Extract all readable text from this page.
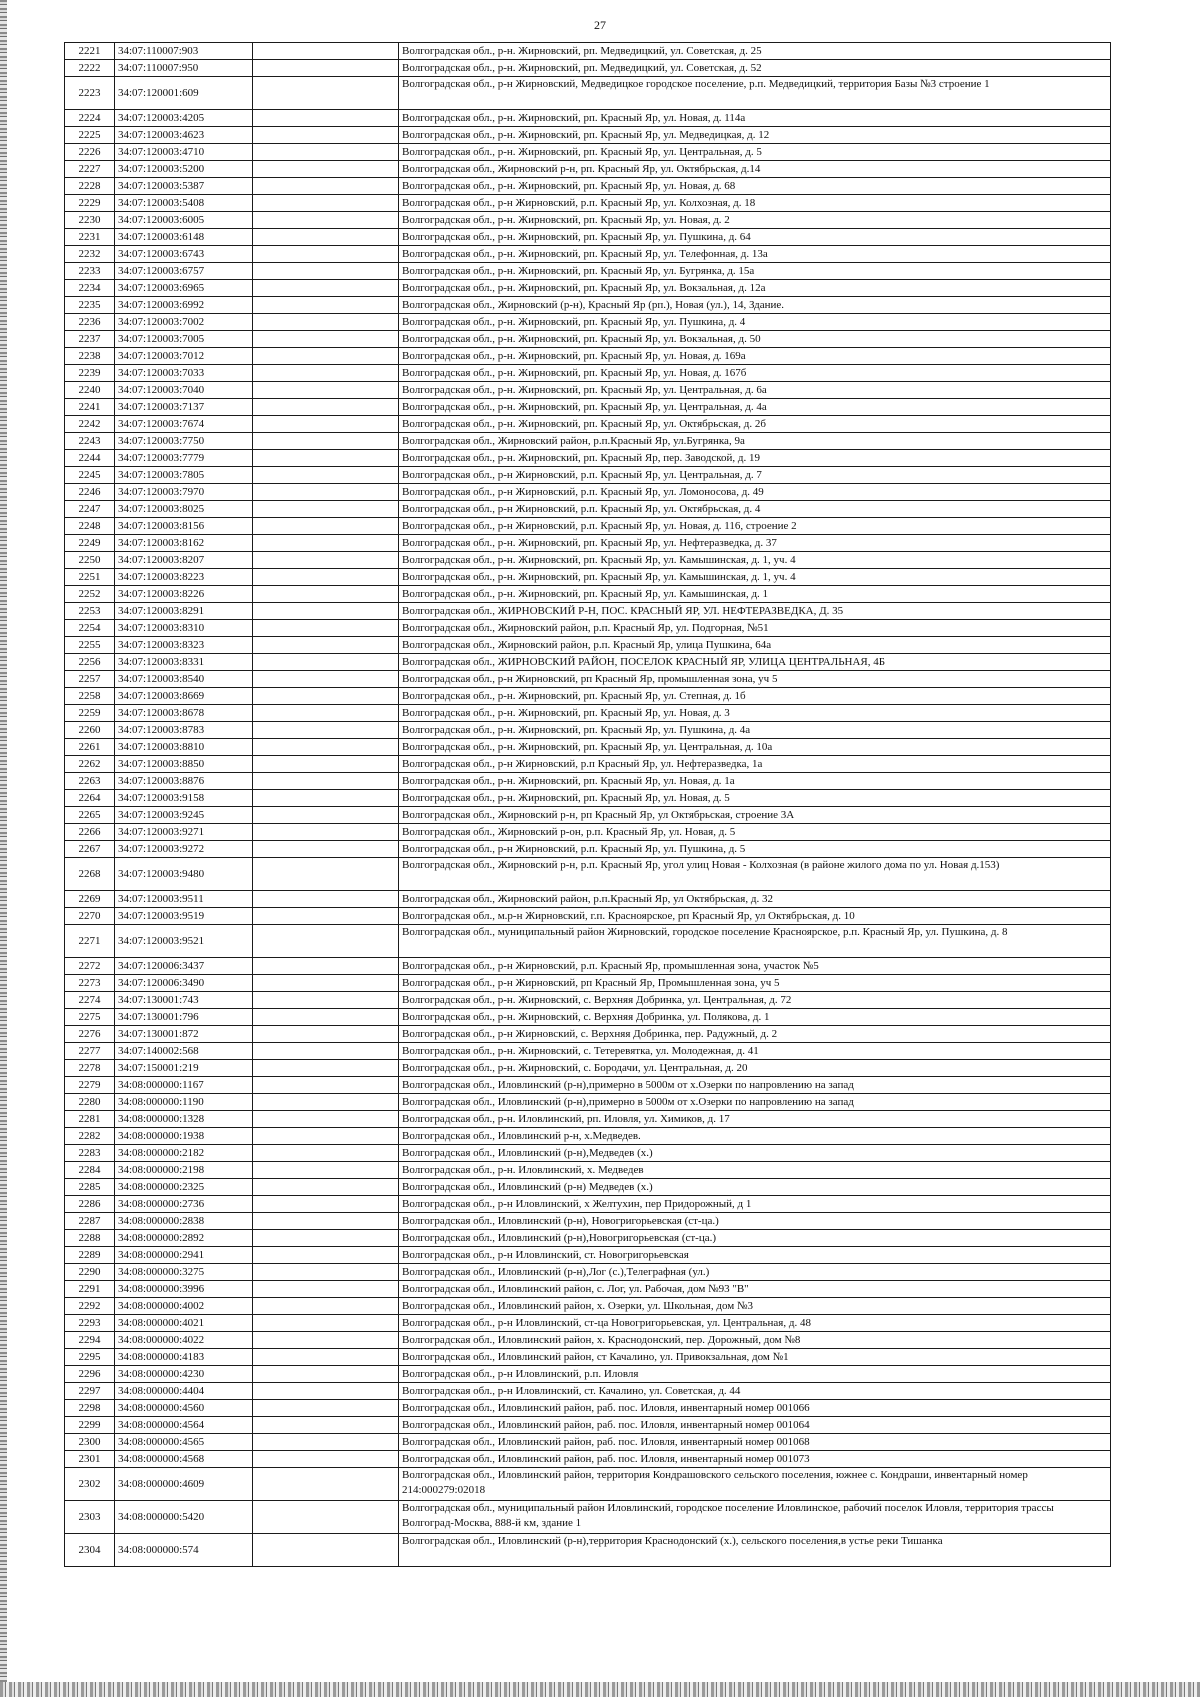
27
2221	34:07:110007:903		Волгоградская обл., р-н. Жирновский, рп. Медведицкий, ул. Советская, д. 25
2222	34:07:110007:950		Волгоградская обл., р-н. Жирновский, рп. Медведицкий, ул. Советская, д. 52
2223	34:07:120001:609		Волгоградская обл., р-н Жирновский, Медведицкое городское поселение, р.п. Медведицкий, территория Базы №3 строение 1
2224	34:07:120003:4205		Волгоградская обл., р-н. Жирновский, рп. Красный Яр, ул. Новая, д. 114а
2225	34:07:120003:4623		Волгоградская обл., р-н. Жирновский, рп. Красный Яр, ул. Медведицкая, д. 12
2226	34:07:120003:4710		Волгоградская обл., р-н. Жирновский, рп. Красный Яр, ул. Центральная, д. 5
2227	34:07:120003:5200		Волгоградская обл., Жирновский р-н, рп. Красный Яр, ул. Октябрьская, д.14
2228	34:07:120003:5387		Волгоградская обл., р-н. Жирновский, рп. Красный Яр, ул. Новая, д. 68
2229	34:07:120003:5408		Волгоградская обл., р-н Жирновский, р.п. Красный Яр, ул. Колхозная, д. 18
2230	34:07:120003:6005		Волгоградская обл., р-н. Жирновский, рп. Красный Яр, ул. Новая, д. 2
2231	34:07:120003:6148		Волгоградская обл., р-н. Жирновский, рп. Красный Яр, ул. Пушкина, д. 64
2232	34:07:120003:6743		Волгоградская обл., р-н. Жирновский, рп. Красный Яр, ул. Телефонная, д. 13а
2233	34:07:120003:6757		Волгоградская обл., р-н. Жирновский, рп. Красный Яр, ул. Бугрянка, д. 15а
2234	34:07:120003:6965		Волгоградская обл., р-н. Жирновский, рп. Красный Яр, ул. Вокзальная, д. 12а
2235	34:07:120003:6992		Волгоградская обл., Жирновский (р-н), Красный Яр (рп.), Новая (ул.), 14, Здание.
2236	34:07:120003:7002		Волгоградская обл., р-н. Жирновский, рп. Красный Яр, ул. Пушкина, д. 4
2237	34:07:120003:7005		Волгоградская обл., р-н. Жирновский, рп. Красный Яр, ул. Вокзальная, д. 50
2238	34:07:120003:7012		Волгоградская обл., р-н. Жирновский, рп. Красный Яр, ул. Новая, д. 169а
2239	34:07:120003:7033		Волгоградская обл., р-н. Жирновский, рп. Красный Яр, ул. Новая, д. 167б
2240	34:07:120003:7040		Волгоградская обл., р-н. Жирновский, рп. Красный Яр, ул. Центральная, д. 6а
2241	34:07:120003:7137		Волгоградская обл., р-н. Жирновский, рп. Красный Яр, ул. Центральная, д. 4а
2242	34:07:120003:7674		Волгоградская обл., р-н. Жирновский, рп. Красный Яр, ул. Октябрьская, д. 2б
2243	34:07:120003:7750		Волгоградская обл., Жирновский район, р.п.Красный Яр, ул.Бугрянка, 9а
2244	34:07:120003:7779		Волгоградская обл., р-н. Жирновский, рп. Красный Яр, пер. Заводской, д. 19
2245	34:07:120003:7805		Волгоградская обл., р-н Жирновский, р.п. Красный Яр, ул. Центральная, д. 7
2246	34:07:120003:7970		Волгоградская обл., р-н Жирновский, р.п. Красный Яр, ул. Ломоносова, д. 49
2247	34:07:120003:8025		Волгоградская обл., р-н Жирновский, р.п. Красный Яр, ул. Октябрьская, д. 4
2248	34:07:120003:8156		Волгоградская обл., р-н Жирновский, р.п. Красный Яр, ул. Новая, д. 116, строение 2
2249	34:07:120003:8162		Волгоградская обл., р-н. Жирновский, рп. Красный Яр, ул. Нефтеразведка, д. 37
2250	34:07:120003:8207		Волгоградская обл., р-н. Жирновский, рп. Красный Яр, ул. Камышинская, д. 1, уч. 4
2251	34:07:120003:8223		Волгоградская обл., р-н. Жирновский, рп. Красный Яр, ул. Камышинская, д. 1, уч. 4
2252	34:07:120003:8226		Волгоградская обл., р-н. Жирновский, рп. Красный Яр, ул. Камышинская, д. 1
2253	34:07:120003:8291		Волгоградская обл., ЖИРНОВСКИЙ Р-Н, ПОС. КРАСНЫЙ ЯР, УЛ. НЕФТЕРАЗВЕДКА, Д. 35
2254	34:07:120003:8310		Волгоградская обл., Жирновский район, р.п. Красный Яр, ул. Подгорная, №51
2255	34:07:120003:8323		Волгоградская обл., Жирновский район, р.п. Красный Яр, улица Пушкина, 64а
2256	34:07:120003:8331		Волгоградская обл., ЖИРНОВСКИЙ РАЙОН, ПОСЕЛОК КРАСНЫЙ ЯР, УЛИЦА ЦЕНТРАЛЬНАЯ, 4Б
2257	34:07:120003:8540		Волгоградская обл., р-н Жирновский, рп Красный Яр, промышленная зона, уч 5
2258	34:07:120003:8669		Волгоградская обл., р-н. Жирновский, рп. Красный Яр, ул. Степная, д. 1б
2259	34:07:120003:8678		Волгоградская обл., р-н. Жирновский, рп. Красный Яр, ул. Новая, д. 3
2260	34:07:120003:8783		Волгоградская обл., р-н. Жирновский, рп. Красный Яр, ул. Пушкина, д. 4а
2261	34:07:120003:8810		Волгоградская обл., р-н. Жирновский, рп. Красный Яр, ул. Центральная, д. 10а
2262	34:07:120003:8850		Волгоградская обл., р-н Жирновский, р.п Красный Яр, ул. Нефтеразведка, 1а
2263	34:07:120003:8876		Волгоградская обл., р-н. Жирновский, рп. Красный Яр, ул. Новая, д. 1а
2264	34:07:120003:9158		Волгоградская обл., р-н. Жирновский, рп. Красный Яр, ул. Новая, д. 5
2265	34:07:120003:9245		Волгоградская обл., Жирновский р-н, рп Красный Яр, ул Октябрьская, строение 3А
2266	34:07:120003:9271		Волгоградская обл., Жирновский р-он, р.п. Красный Яр, ул. Новая, д. 5
2267	34:07:120003:9272		Волгоградская обл., р-н Жирновский, р.п. Красный Яр, ул. Пушкина, д. 5
2268	34:07:120003:9480		Волгоградская обл., Жирновский р-н, р.п. Красный Яр, угол улиц Новая - Колхозная (в районе жилого дома по ул. Новая д.153)
2269	34:07:120003:9511		Волгоградская обл., Жирновский район, р.п.Красный Яр, ул Октябрьская, д. 32
2270	34:07:120003:9519		Волгоградская обл., м.р-н Жирновский, г.п. Красноярское, рп Красный Яр, ул Октябрьская, д. 10
2271	34:07:120003:9521		Волгоградская обл., муниципальный район Жирновский, городское поселение Красноярское, р.п. Красный Яр, ул. Пушкина, д. 8
2272	34:07:120006:3437		Волгоградская обл., р-н Жирновский, р.п. Красный Яр, промышленная зона, участок №5
2273	34:07:120006:3490		Волгоградская обл., р-н Жирновский, рп Красный Яр, Промышленная зона, уч 5
2274	34:07:130001:743		Волгоградская обл., р-н. Жирновский, с. Верхняя Добринка, ул. Центральная, д. 72
2275	34:07:130001:796		Волгоградская обл., р-н. Жирновский, с. Верхняя Добринка, ул. Полякова, д. 1
2276	34:07:130001:872		Волгоградская обл., р-н Жирновский, с. Верхняя Добринка, пер. Радужный, д. 2
2277	34:07:140002:568		Волгоградская обл., р-н. Жирновский, с. Тетеревятка, ул. Молодежная, д. 41
2278	34:07:150001:219		Волгоградская обл., р-н. Жирновский, с. Бородачи, ул. Центральная, д. 20
2279	34:08:000000:1167		Волгоградская обл., Иловлинский (р-н),примерно в 5000м от х.Озерки по напровлению на запад
2280	34:08:000000:1190		Волгоградская обл., Иловлинский (р-н),примерно в 5000м от х.Озерки по напровлению на запад
2281	34:08:000000:1328		Волгоградская обл., р-н. Иловлинский, рп. Иловля, ул. Химиков, д. 17
2282	34:08:000000:1938		Волгоградская обл., Иловлинский р-н, х.Медведев.
2283	34:08:000000:2182		Волгоградская обл., Иловлинский (р-н),Медведев (х.)
2284	34:08:000000:2198		Волгоградская обл., р-н. Иловлинский, х. Медведев
2285	34:08:000000:2325		Волгоградская обл., Иловлинский (р-н) Медведев (х.)
2286	34:08:000000:2736		Волгоградская обл., р-н Иловлинский, х Желтухин, пер Придорожный, д 1
2287	34:08:000000:2838		Волгоградская обл., Иловлинский (р-н), Новогригорьевская (ст-ца.)
2288	34:08:000000:2892		Волгоградская обл., Иловлинский (р-н),Новогригорьевская (ст-ца.)
2289	34:08:000000:2941		Волгоградская обл., р-н Иловлинский, ст. Новогригорьевская
2290	34:08:000000:3275		Волгоградская обл., Иловлинский (р-н),Лог (с.),Телеграфная (ул.)
2291	34:08:000000:3996		Волгоградская обл., Иловлинский район, с. Лог, ул. Рабочая, дом №93 "В"
2292	34:08:000000:4002		Волгоградская обл., Иловлинский район, х. Озерки, ул. Школьная, дом №3
2293	34:08:000000:4021		Волгоградская обл., р-н Иловлинский, ст-ца Новогригорьевская, ул. Центральная, д. 48
2294	34:08:000000:4022		Волгоградская обл., Иловлинский район, х. Краснодонский, пер. Дорожный, дом №8
2295	34:08:000000:4183		Волгоградская обл., Иловлинский район, ст Качалино, ул. Привокзальная, дом №1
2296	34:08:000000:4230		Волгоградская обл., р-н Иловлинский, р.п. Иловля
2297	34:08:000000:4404		Волгоградская обл., р-н Иловлинский, ст. Качалино, ул. Советская, д. 44
2298	34:08:000000:4560		Волгоградская обл., Иловлинский район, раб. пос. Иловля, инвентарный номер 001066
2299	34:08:000000:4564		Волгоградская обл., Иловлинский район, раб. пос. Иловля, инвентарный номер 001064
2300	34:08:000000:4565		Волгоградская обл., Иловлинский район, раб. пос. Иловля, инвентарный номер 001068
2301	34:08:000000:4568		Волгоградская обл., Иловлинский район, раб. пос. Иловля, инвентарный номер 001073
2302	34:08:000000:4609		Волгоградская обл., Иловлинский район, территория Кондрашовского сельского поселения, южнее с. Кондраши, инвентарный номер 214:000279:02018
2303	34:08:000000:5420		Волгоградская обл., муниципальный район Иловлинский, городское поселение Иловлинское, рабочий поселок Иловля, территория трассы Волгоград-Москва, 888-й км, здание 1
2304	34:08:000000:574		Волгоградская обл., Иловлинский (р-н),территория Краснодонский (х.), сельского поселения,в устье реки Тишанка
